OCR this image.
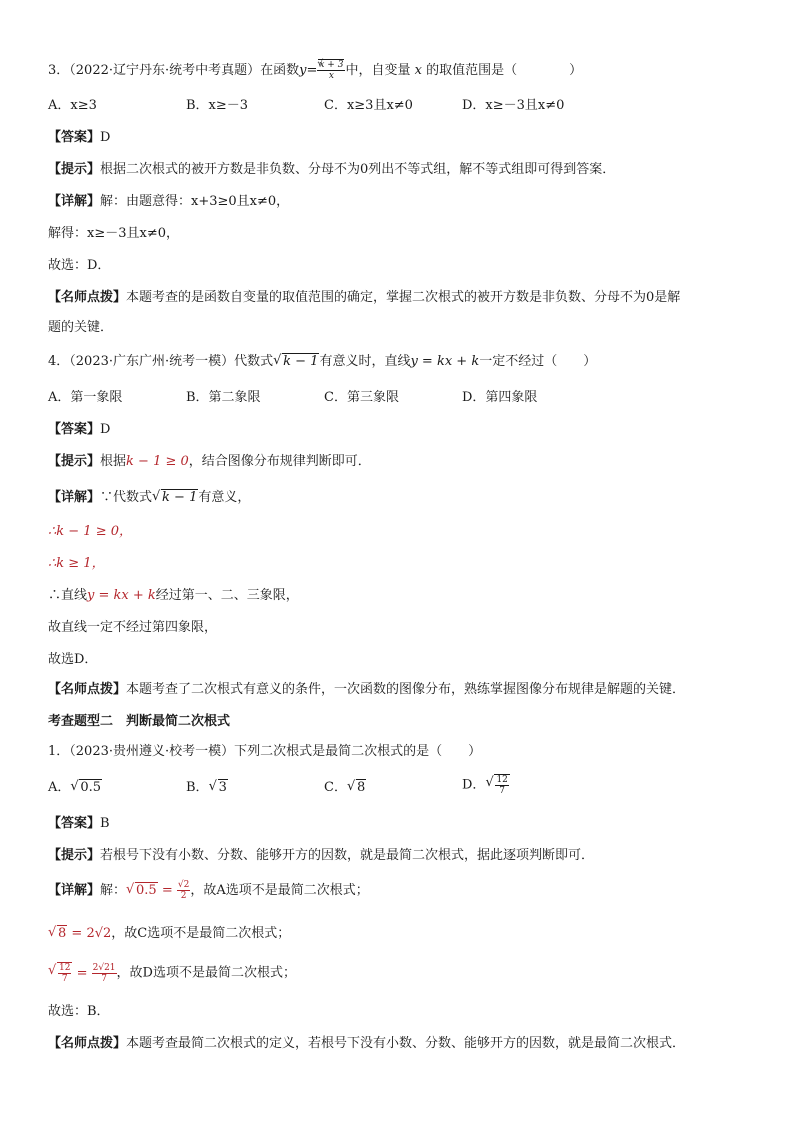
3．（2022·辽宁丹东·统考中考真题）在函数y= √ $\frac{x + 3}{x}$ 中，自变量 x 的取值范围是（　　　　）
A．x≥3	B．x≥－3	C．x≥3且x≠0	D．x≥－3且x≠0
【答案】D
【提示】根据二次根式的被开方数是非负数、分母不为0列出不等式组，解不等式组即可得到答案．
【详解】解：由题意得：x+3≥0且x≠0，
解得：x≥－3且x≠0，
故选：D．
【名师点拨】本题考查的是函数自变量的取值范围的确定，掌握二次根式的被开方数是非负数、分母不为0是解
题的关键．
4．（2023·广东广州·统考一模）代数式 √ k − 1有意义时，直线y = kx + k一定不经过（　　）
A．第一象限	B．第二象限	C．第三象限	D．第四象限
【答案】D
【提示】根据k − 1 ≥ 0，结合图像分布规律判断即可．
【详解】∵代数式 √ k − 1有意义，
∴k − 1 ≥ 0，
∴k ≥ 1，
∴直线y = kx + k经过第一、二、三象限，
故直线一定不经过第四象限，
故选D．
【名师点拨】本题考查了二次根式有意义的条件，一次函数的图像分布，熟练掌握图像分布规律是解题的关键．
考查题型二　判断最简二次根式
1．（2023·贵州遵义·校考一模）下列二次根式是最简二次根式的是（　　）
A． √ 0.5	B． √ 3	C． √ 8	D． √ $\frac{12}{7}$
【答案】B
【提示】若根号下没有小数、分数、能够开方的因数，就是最简二次根式，据此逐项判断即可．
【详解】解： √ $0.5 = \frac{√2}{2}$ ，故A选项不是最简二次根式；
√ 8 = 2√2，故C选项不是最简二次根式；
√ $\frac{12}{7} = \frac{2√21}{7}$ ，故D选项不是最简二次根式；
故选：B．
【名师点拨】本题考查最简二次根式的定义，若根号下没有小数、分数、能够开方的因数，就是最简二次根式．
